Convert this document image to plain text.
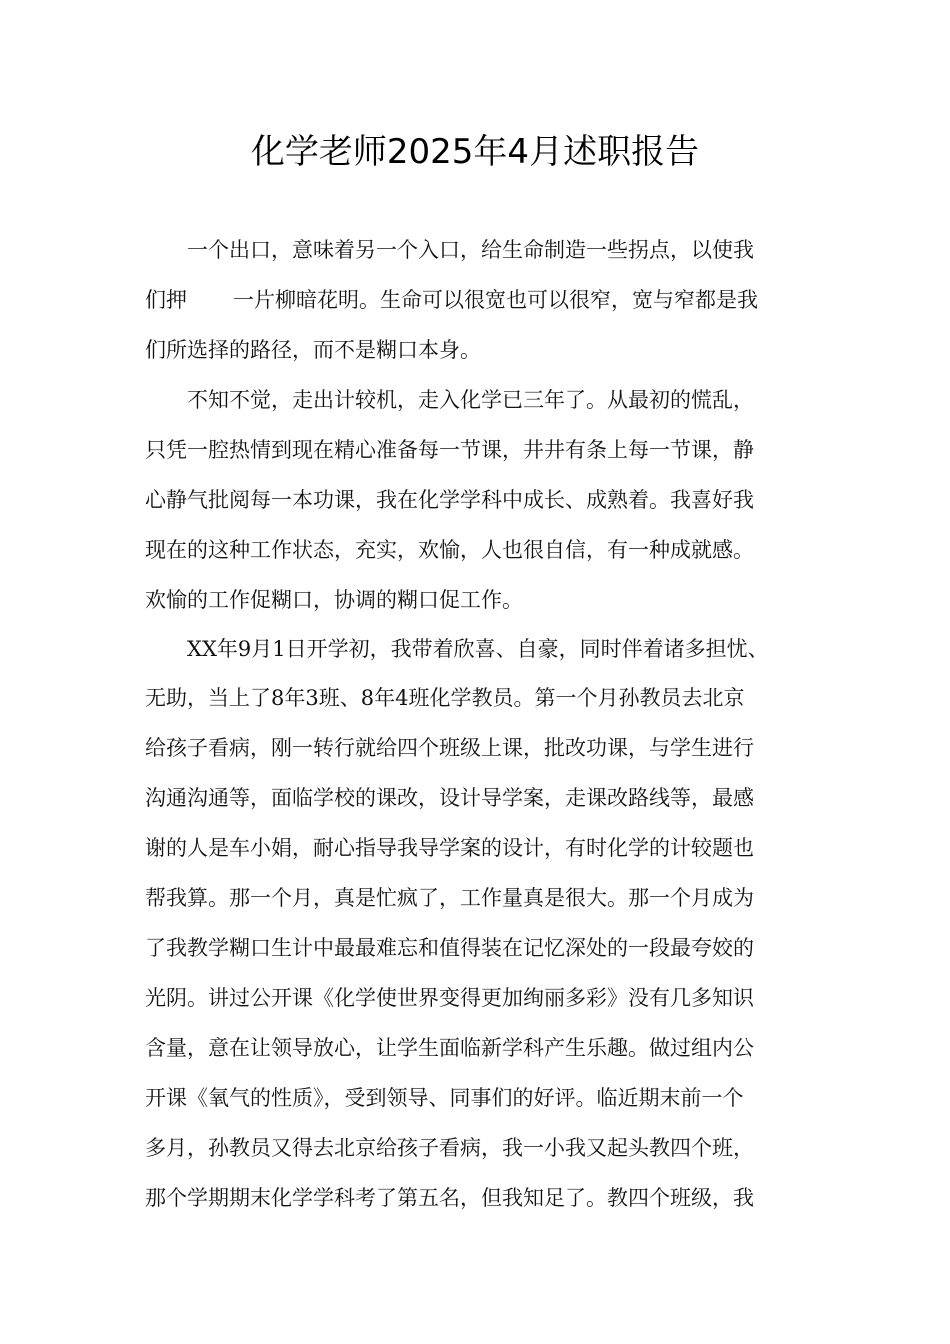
化学老师2025年4月述职报告
一个出口，意味着另一个入口，给生命制造一些拐点，以使我
们押 一片柳暗花明。生命可以很宽也可以很窄，宽与窄都是我
们所选择的路径，而不是糊口本身。
不知不觉，走出计较机，走入化学已三年了。从最初的慌乱，
只凭一腔热情到现在精心准备每一节课，井井有条上每一节课，静
心静气批阅每一本功课，我在化学学科中成长、成熟着。我喜好我
现在的这种工作状态，充实，欢愉，人也很自信，有一种成就感。
欢愉的工作促糊口，协调的糊口促工作。
XX年9月1日开学初，我带着欣喜、自豪，同时伴着诸多担忧、
无助，当上了8年3班、8年4班化学教员。第一个月孙教员去北京
给孩子看病，刚一转行就给四个班级上课，批改功课，与学生进行
沟通沟通等，面临学校的课改，设计导学案，走课改路线等，最感
谢的人是车小娟，耐心指导我导学案的设计，有时化学的计较题也
帮我算。那一个月，真是忙疯了，工作量真是很大。那一个月成为
了我教学糊口生计中最最难忘和值得装在记忆深处的一段最夸姣的
光阴。讲过公开课《化学使世界变得更加绚丽多彩》没有几多知识
含量，意在让领导放心，让学生面临新学科产生乐趣。做过组内公
开课《氧气的性质》，受到领导、同事们的好评。临近期末前一个
多月，孙教员又得去北京给孩子看病，我一小我又起头教四个班，
那个学期期末化学学科考了第五名，但我知足了。教四个班级，我
